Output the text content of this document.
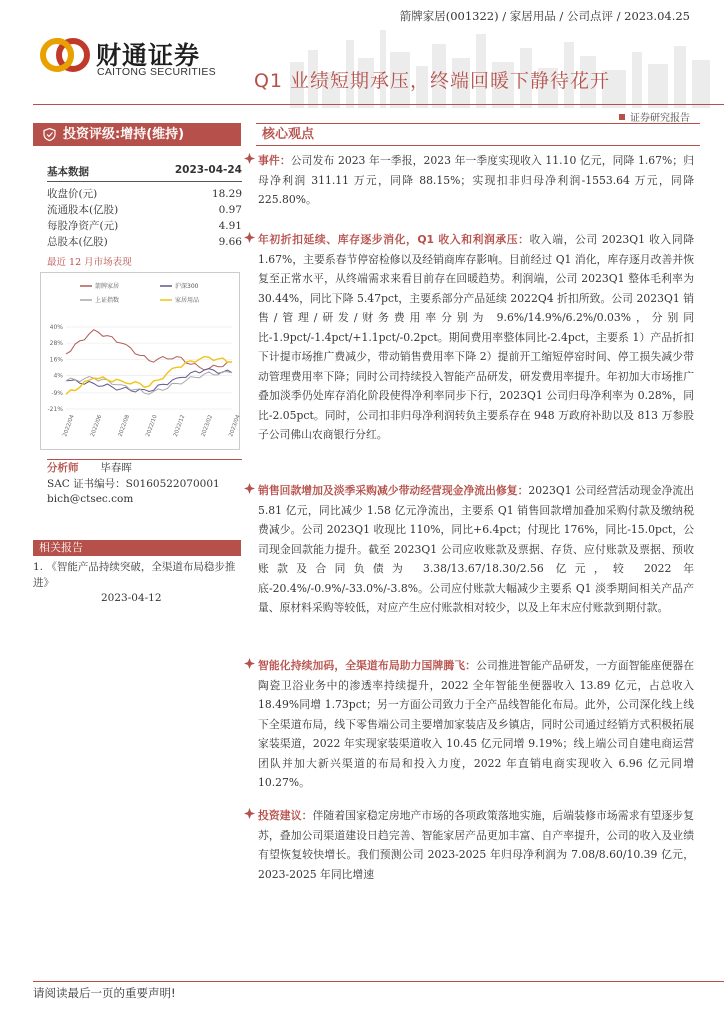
财通证券
CAITONG SECURITIES
箭牌家居(001322) / 家居用品 / 公司点评 / 2023.04.25
Q1 业绩短期承压，终端回暖下静待花开
证券研究报告
投资评级:增持(维持)
基本数据	2023-04-24
收盘价(元)	18.29
流通股本(亿股)	0.97
每股净资产(元)	4.91
总股本(亿股)	9.66
最近 12 月市场表现
箭牌家居	沪深300
上证指数	家居用品
-21%
-9%
4%
16%
28%
40%
2022/04	2022/06	2022/08	2022/10	2022/12	2023/02	2023/04
分析师 毕春晖
SAC 证书编号：S0160522070001
bich@ctsec.com
相关报告
1. 《智能产品持续突破，全渠道布局稳步推进》
2023-04-12
核心观点
事件：公司发布 2023 年一季报，2023 年一季度实现收入 11.10 亿元，同降 1.67%；归母净利润 311.11 万元，同降 88.15%；实现扣非归母净利润-1553.64 万元，同降 225.80%。
年初折扣延续、库存逐步消化，Q1 收入和利润承压：收入端，公司 2023Q1 收入同降 1.67%，主要系春节停窑检修以及经销商库存影响。目前经过 Q1 消化，库存逐月改善并恢复至正常水平，从终端需求来看目前存在回暖趋势。利润端，公司 2023Q1 整体毛利率为 30.44%，同比下降 5.47pct，主要系部分产品延续 2022Q4 折扣所致。公司 2023Q1 销售/管理/研发/财务费用率分别为 9.6%/14.9%/6.2%/0.03%，分别同比-1.9pct/-1.4pct/+1.1pct/-0.2pct。期间费用率整体同比-2.4pct，主要系 1）产品折扣下计提市场推广费减少，带动销售费用率下降 2）提前开工缩短停窑时间、停工损失减少带动管理费用率下降；同时公司持续投入智能产品研发，研发费用率提升。年初加大市场推广叠加淡季仍处库存消化阶段使得净利率同步下行，2023Q1 公司归母净利率为 0.28%，同比-2.05pct。同时，公司扣非归母净利润转负主要系存在 948 万政府补助以及 813 万参股子公司佛山农商银行分红。
销售回款增加及淡季采购减少带动经营现金净流出修复：2023Q1 公司经营活动现金净流出 5.81 亿元，同比减少 1.58 亿元净流出，主要系 Q1 销售回款增加叠加采购付款及缴纳税费减少。公司 2023Q1 收现比 110%，同比+6.4pct；付现比 176%，同比-15.0pct，公司现金回款能力提升。截至 2023Q1 公司应收账款及票据、存货、应付账款及票据、预收账款及合同负债为 3.38/13.67/18.30/2.56 亿元，较 2022 年底-20.4%/-0.9%/-33.0%/-3.8%。公司应付账款大幅减少主要系 Q1 淡季期间相关产品产量、原材料采购等较低，对应产生应付账款相对较少，以及上年末应付账款到期付款。
智能化持续加码，全渠道布局助力国牌腾飞：公司推进智能产品研发，一方面智能座便器在陶瓷卫浴业务中的渗透率持续提升，2022 全年智能坐便器收入 13.89 亿元，占总收入 18.49%同增 1.73pct；另一方面公司致力于全产品线智能化布局。此外，公司深化线上线下全渠道布局，线下零售端公司主要增加家装店及乡镇店，同时公司通过经销方式积极拓展家装渠道，2022 年实现家装渠道收入 10.45 亿元同增 9.19%；线上端公司自建电商运营团队并加大新兴渠道的布局和投入力度，2022 年直销电商实现收入 6.96 亿元同增 10.27%。
投资建议：伴随着国家稳定房地产市场的各项政策落地实施，后端装修市场需求有望逐步复苏，叠加公司渠道建设日趋完善、智能家居产品更加丰富、自产率提升，公司的收入及业绩有望恢复较快增长。我们预测公司 2023-2025 年归母净利润为 7.08/8.60/10.39 亿元，2023-2025 年同比增速
请阅读最后一页的重要声明!
